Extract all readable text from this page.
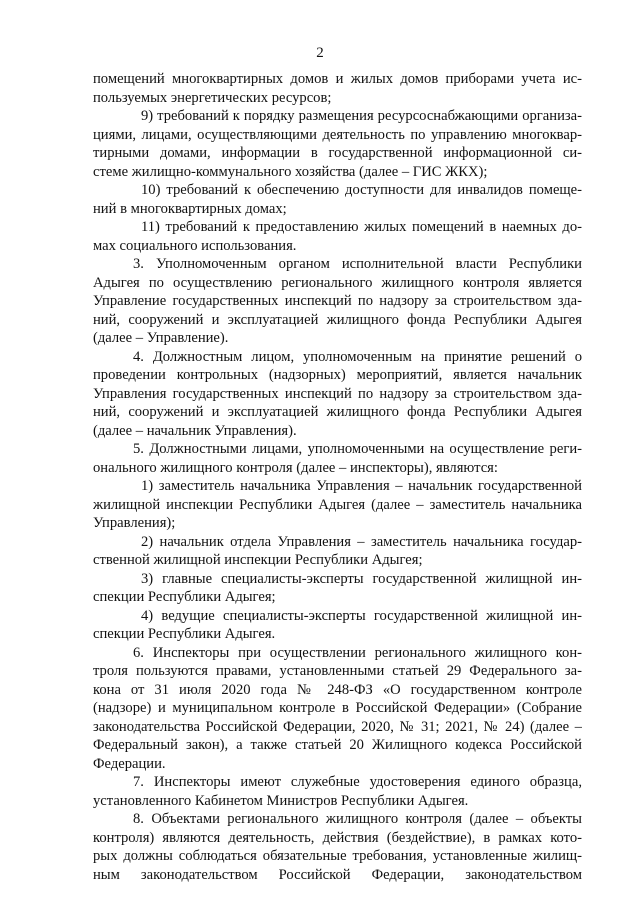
2
помещений многоквартирных домов и жилых домов приборами учета ис-
пользуемых энергетических ресурсов;
9) требований к порядку размещения ресурсоснабжающими организа-
циями, лицами, осуществляющими деятельность по управлению многоквар-
тирными домами, информации в государственной информационной си-
стеме жилищно-коммунального хозяйства (далее – ГИС ЖКХ);
10) требований к обеспечению доступности для инвалидов помеще-
ний в многоквартирных домах;
11) требований к предоставлению жилых помещений в наемных до-
мах социального использования.
3. Уполномоченным органом исполнительной власти Республики
Адыгея по осуществлению регионального жилищного контроля является
Управление государственных инспекций по надзору за строительством зда-
ний, сооружений и эксплуатацией жилищного фонда Республики Адыгея
(далее – Управление).
4. Должностным лицом, уполномоченным на принятие решений о
проведении контрольных (надзорных) мероприятий, является начальник
Управления государственных инспекций по надзору за строительством зда-
ний, сооружений и эксплуатацией жилищного фонда Республики Адыгея
(далее – начальник Управления).
5. Должностными лицами, уполномоченными на осуществление реги-
онального жилищного контроля (далее – инспекторы), являются:
1) заместитель начальника Управления – начальник государственной
жилищной инспекции Республики Адыгея (далее – заместитель начальника
Управления);
2) начальник отдела Управления – заместитель начальника государ-
ственной жилищной инспекции Республики Адыгея;
3) главные специалисты-эксперты государственной жилищной ин-
спекции Республики Адыгея;
4) ведущие специалисты-эксперты государственной жилищной ин-
спекции Республики Адыгея.
6. Инспекторы при осуществлении регионального жилищного кон-
троля пользуются правами, установленными статьей 29 Федерального за-
кона от 31 июля 2020 года № 248-ФЗ «О государственном контроле
(надзоре) и муниципальном контроле в Российской Федерации» (Собрание
законодательства Российской Федерации, 2020, № 31; 2021, № 24) (далее –
Федеральный закон), а также статьей 20 Жилищного кодекса Российской
Федерации.
7. Инспекторы имеют служебные удостоверения единого образца,
установленного Кабинетом Министров Республики Адыгея.
8. Объектами регионального жилищного контроля (далее – объекты
контроля) являются деятельность, действия (бездействие), в рамках кото-
рых должны соблюдаться обязательные требования, установленные жилищ-
ным законодательством Российской Федерации, законодательством
